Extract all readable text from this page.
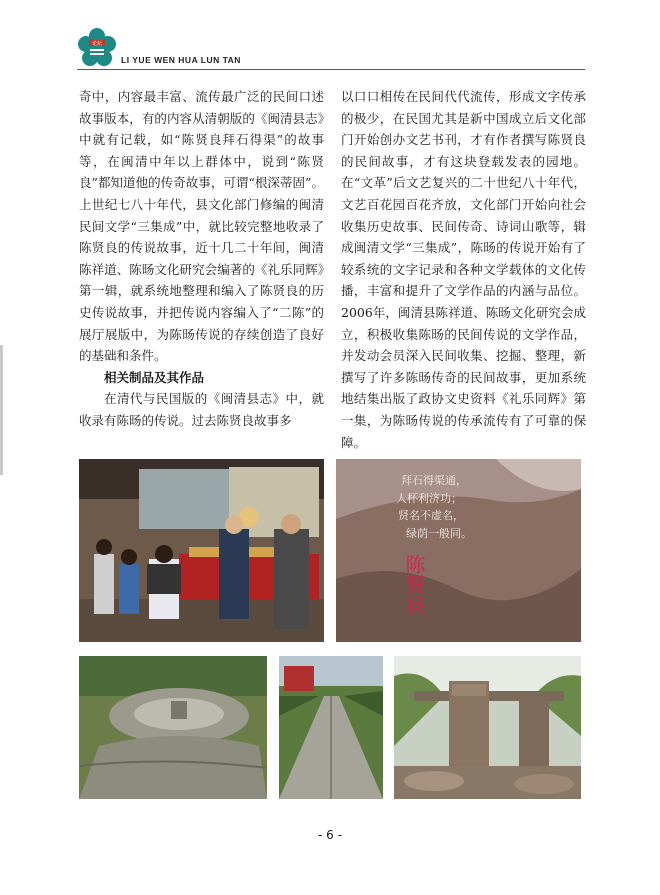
论坛
LI YUE WEN HUA LUN TAN

奇中，内容最丰富、流传最广泛的民间口述故事版本，有的内容从清朝版的《闽清县志》中就有记载，如“陈贤良拜石得渠”的故事等，在闽清中年以上群体中，说到“陈贤良”都知道他的传奇故事，可谓“根深蒂固”。上世纪七八十年代，县文化部门修编的闽清民间文学“三集成”中，就比较完整地收录了陈贤良的传说故事，近十几二十年间，闽清陈祥道、陈旸文化研究会编著的《礼乐同辉》第一辑，就系统地整理和编入了陈贤良的历史传说故事，并把传说内容编入了“二陈”的展厅展版中，为陈旸传说的存续创造了良好的基础和条件。

相关制品及其作品

在清代与民国版的《闽清县志》中，就收录有陈旸的传说。过去陈贤良故事多

以口口相传在民间代代流传，形成文字传承的极少，在民国尤其是新中国成立后文化部门开始创办文艺书刊，才有作者撰写陈贤良的民间故事，才有这块登载发表的园地。在“文革”后文艺复兴的二十世纪八十年代，文艺百花园百花齐放，文化部门开始向社会收集历史故事、民间传奇、诗词山歌等，辑成闽清文学“三集成”，陈旸的传说开始有了较系统的文字记录和各种文学载体的文化传播，丰富和提升了文学作品的内涵与品位。2006年，闽清县陈祥道、陈旸文化研究会成立，积极收集陈旸的民间传说的文学作品，并发动会员深入民间收集、挖掘、整理，新撰写了许多陈旸传奇的民间故事，更加系统地结集出版了政协文史资料《礼乐同辉》第一集，为陈旸传说的传承流传有了可靠的保障。

拜石得渠通，
人杯利济功；
贤名不虚名，
绿荫一般同。
陈贤良
- 6 -
